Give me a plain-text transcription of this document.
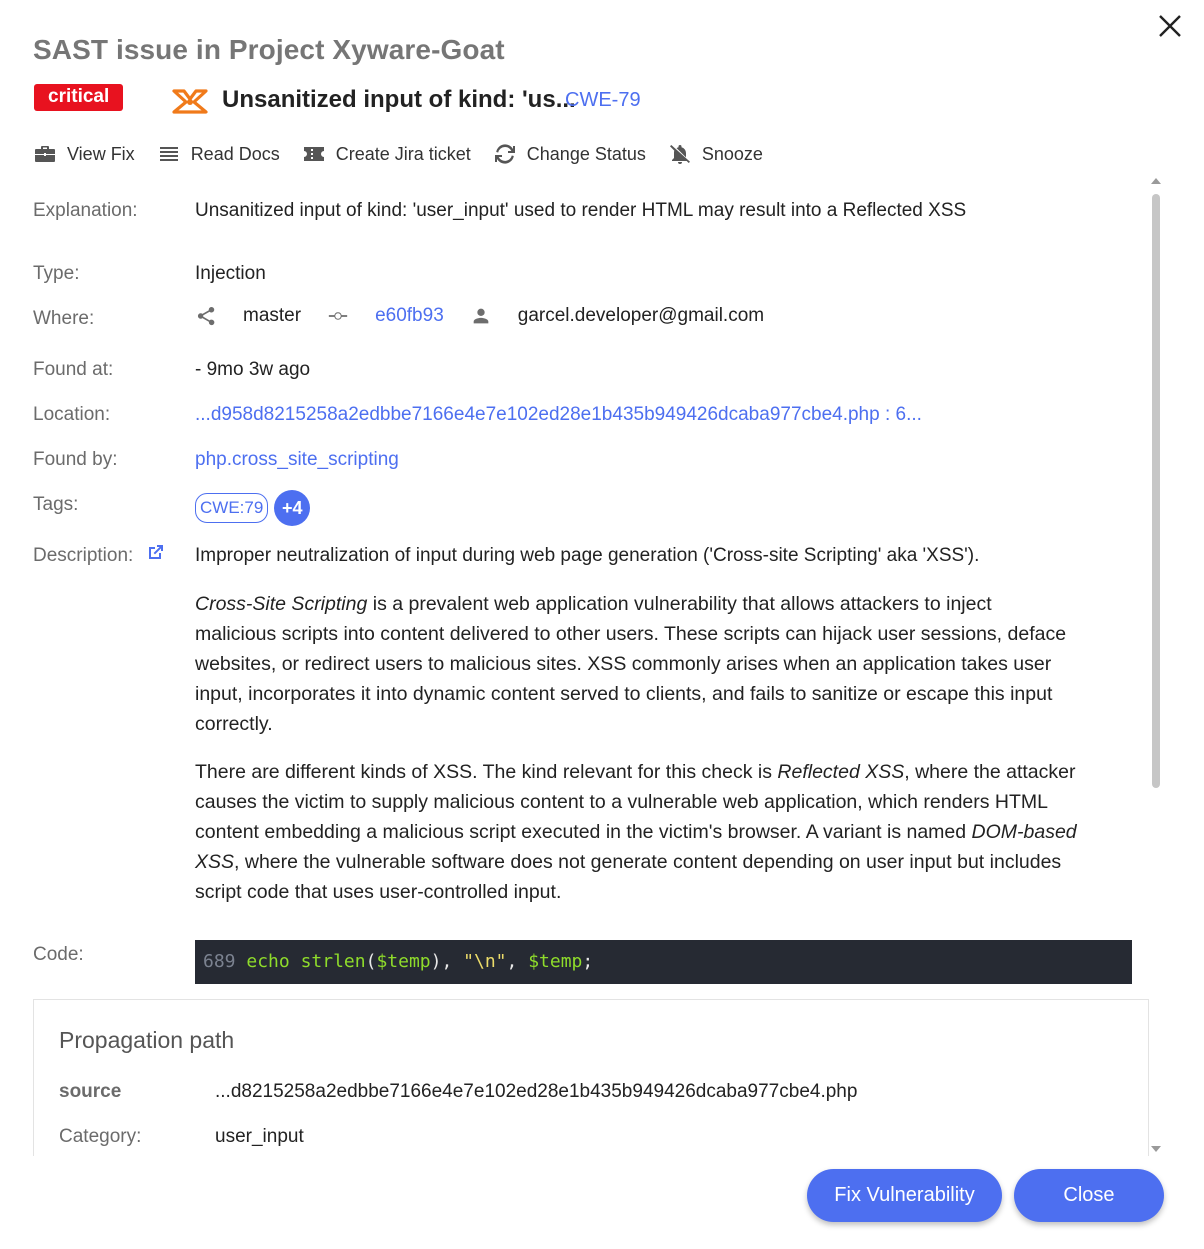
SAST issue in Project Xyware-Goat
critical	Unsanitized input of kind: 'us...
CWE-79
View Fix	Read Docs	Create Jira ticket	Change Status	Snooze
Explanation:	Unsanitized input of kind: 'user_input' used to render HTML may result into a Reflected XSS
Type:	Injection
Where:	master	e60fb93	garcel.developer@gmail.com
Found at:	- 9mo 3w ago
Location:	...d958d8215258a2edbbe7166e4e7e102ed28e1b435b949426dcaba977cbe4.php : 6...
Found by:	php.cross_site_scripting
Tags:	CWE:79 +4
Description:	Improper neutralization of input during web page generation ('Cross-site Scripting' aka 'XSS').
Cross-Site Scripting is a prevalent web application vulnerability that allows attackers to inject
malicious scripts into content delivered to other users. These scripts can hijack user sessions, deface
websites, or redirect users to malicious sites. XSS commonly arises when an application takes user
input, incorporates it into dynamic content served to clients, and fails to sanitize or escape this input
correctly.
There are different kinds of XSS. The kind relevant for this check is Reflected XSS, where the attacker
causes the victim to supply malicious content to a vulnerable web application, which renders HTML
content embedding a malicious script executed in the victim's browser. A variant is named DOM-based
XSS, where the vulnerable software does not generate content depending on user input but includes
script code that uses user-controlled input.
Code:	689 echo strlen($temp), "\n", $temp;
Propagation path
source	...d8215258a2edbbe7166e4e7e102ed28e1b435b949426dcaba977cbe4.php
Category:	user_input
Fix Vulnerability	Close
